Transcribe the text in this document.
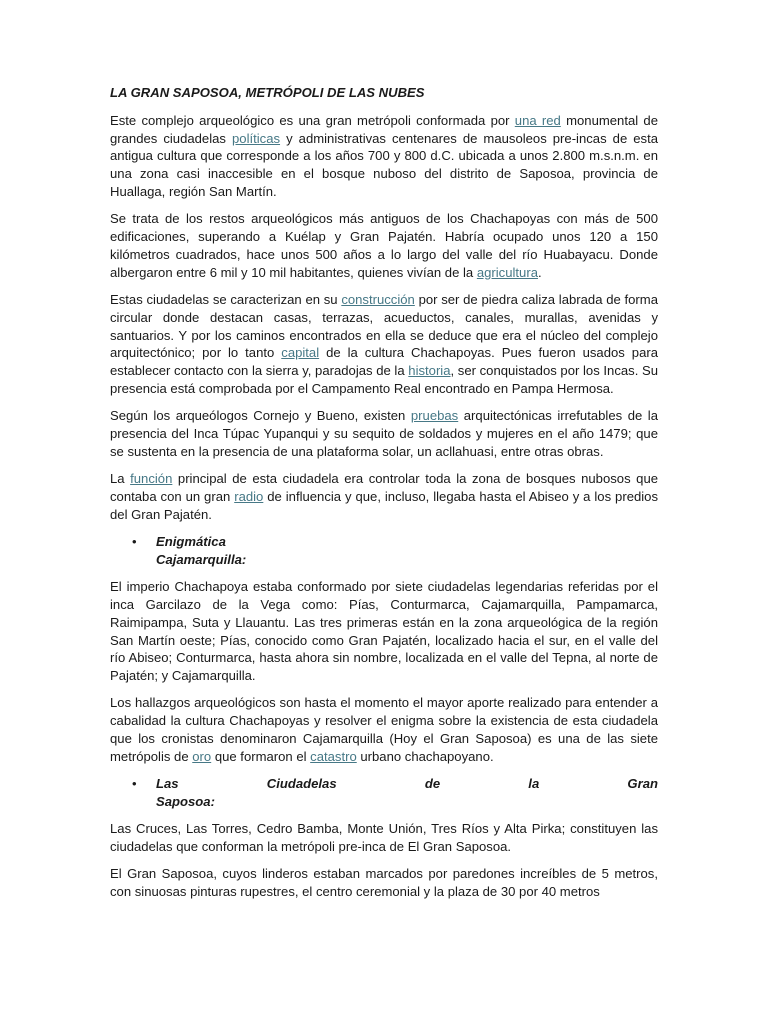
LA GRAN SAPOSOA, METRÓPOLI DE LAS NUBES

Este complejo arqueológico es una gran metrópoli conformada por una red monumental de grandes ciudadelas políticas y administrativas centenares de mausoleos pre-incas de esta antigua cultura que corresponde a los años 700 y 800 d.C. ubicada a unos 2.800 m.s.n.m. en una zona casi inaccesible en el bosque nuboso del distrito de Saposoa, provincia de Huallaga, región San Martín.

Se trata de los restos arqueológicos más antiguos de los Chachapoyas con más de 500 edificaciones, superando a Kuélap y Gran Pajatén. Habría ocupado unos 120 a 150 kilómetros cuadrados, hace unos 500 años a lo largo del valle del río Huabayacu. Donde albergaron entre 6 mil y 10 mil habitantes, quienes vivían de la agricultura.

Estas ciudadelas se caracterizan en su construcción por ser de piedra caliza labrada de forma circular donde destacan casas, terrazas, acueductos, canales, murallas, avenidas y santuarios. Y por los caminos encontrados en ella se deduce que era el núcleo del complejo arquitectónico; por lo tanto capital de la cultura Chachapoyas. Pues fueron usados para establecer contacto con la sierra y, paradojas de la historia, ser conquistados por los Incas. Su presencia está comprobada por el Campamento Real encontrado en Pampa Hermosa.

Según los arqueólogos Cornejo y Bueno, existen pruebas arquitectónicas irrefutables de la presencia del Inca Túpac Yupanqui y su sequito de soldados y mujeres en el año 1479; que se sustenta en la presencia de una plataforma solar, un acllahuasi, entre otras obras.

La función principal de esta ciudadela era controlar toda la zona de bosques nubosos que contaba con un gran radio de influencia y que, incluso, llegaba hasta el Abiseo y a los predios del Gran Pajatén.

• Enigmática Cajamarquilla:

El imperio Chachapoya estaba conformado por siete ciudadelas legendarias referidas por el inca Garcilazo de la Vega como: Pías, Conturmarca, Cajamarquilla, Pampamarca, Raimipampa, Suta y Llauantu. Las tres primeras están en la zona arqueológica de la región San Martín oeste; Pías, conocido como Gran Pajatén, localizado hacia el sur, en el valle del río Abiseo; Conturmarca, hasta ahora sin nombre, localizada en el valle del Tepna, al norte de Pajatén; y Cajamarquilla.

Los hallazgos arqueológicos son hasta el momento el mayor aporte realizado para entender a cabalidad la cultura Chachapoyas y resolver el enigma sobre la existencia de esta ciudadela que los cronistas denominaron Cajamarquilla (Hoy el Gran Saposoa) es una de las siete metrópolis de oro que formaron el catastro urbano chachapoyano.

• Las Ciudadelas de la Gran
Saposoa:

Las Cruces, Las Torres, Cedro Bamba, Monte Unión, Tres Ríos y Alta Pirka; constituyen las ciudadelas que conforman la metrópoli pre-inca de El Gran Saposoa.

El Gran Saposoa, cuyos linderos estaban marcados por paredones increíbles de 5 metros, con sinuosas pinturas rupestres, el centro ceremonial y la plaza de 30 por 40 metros
